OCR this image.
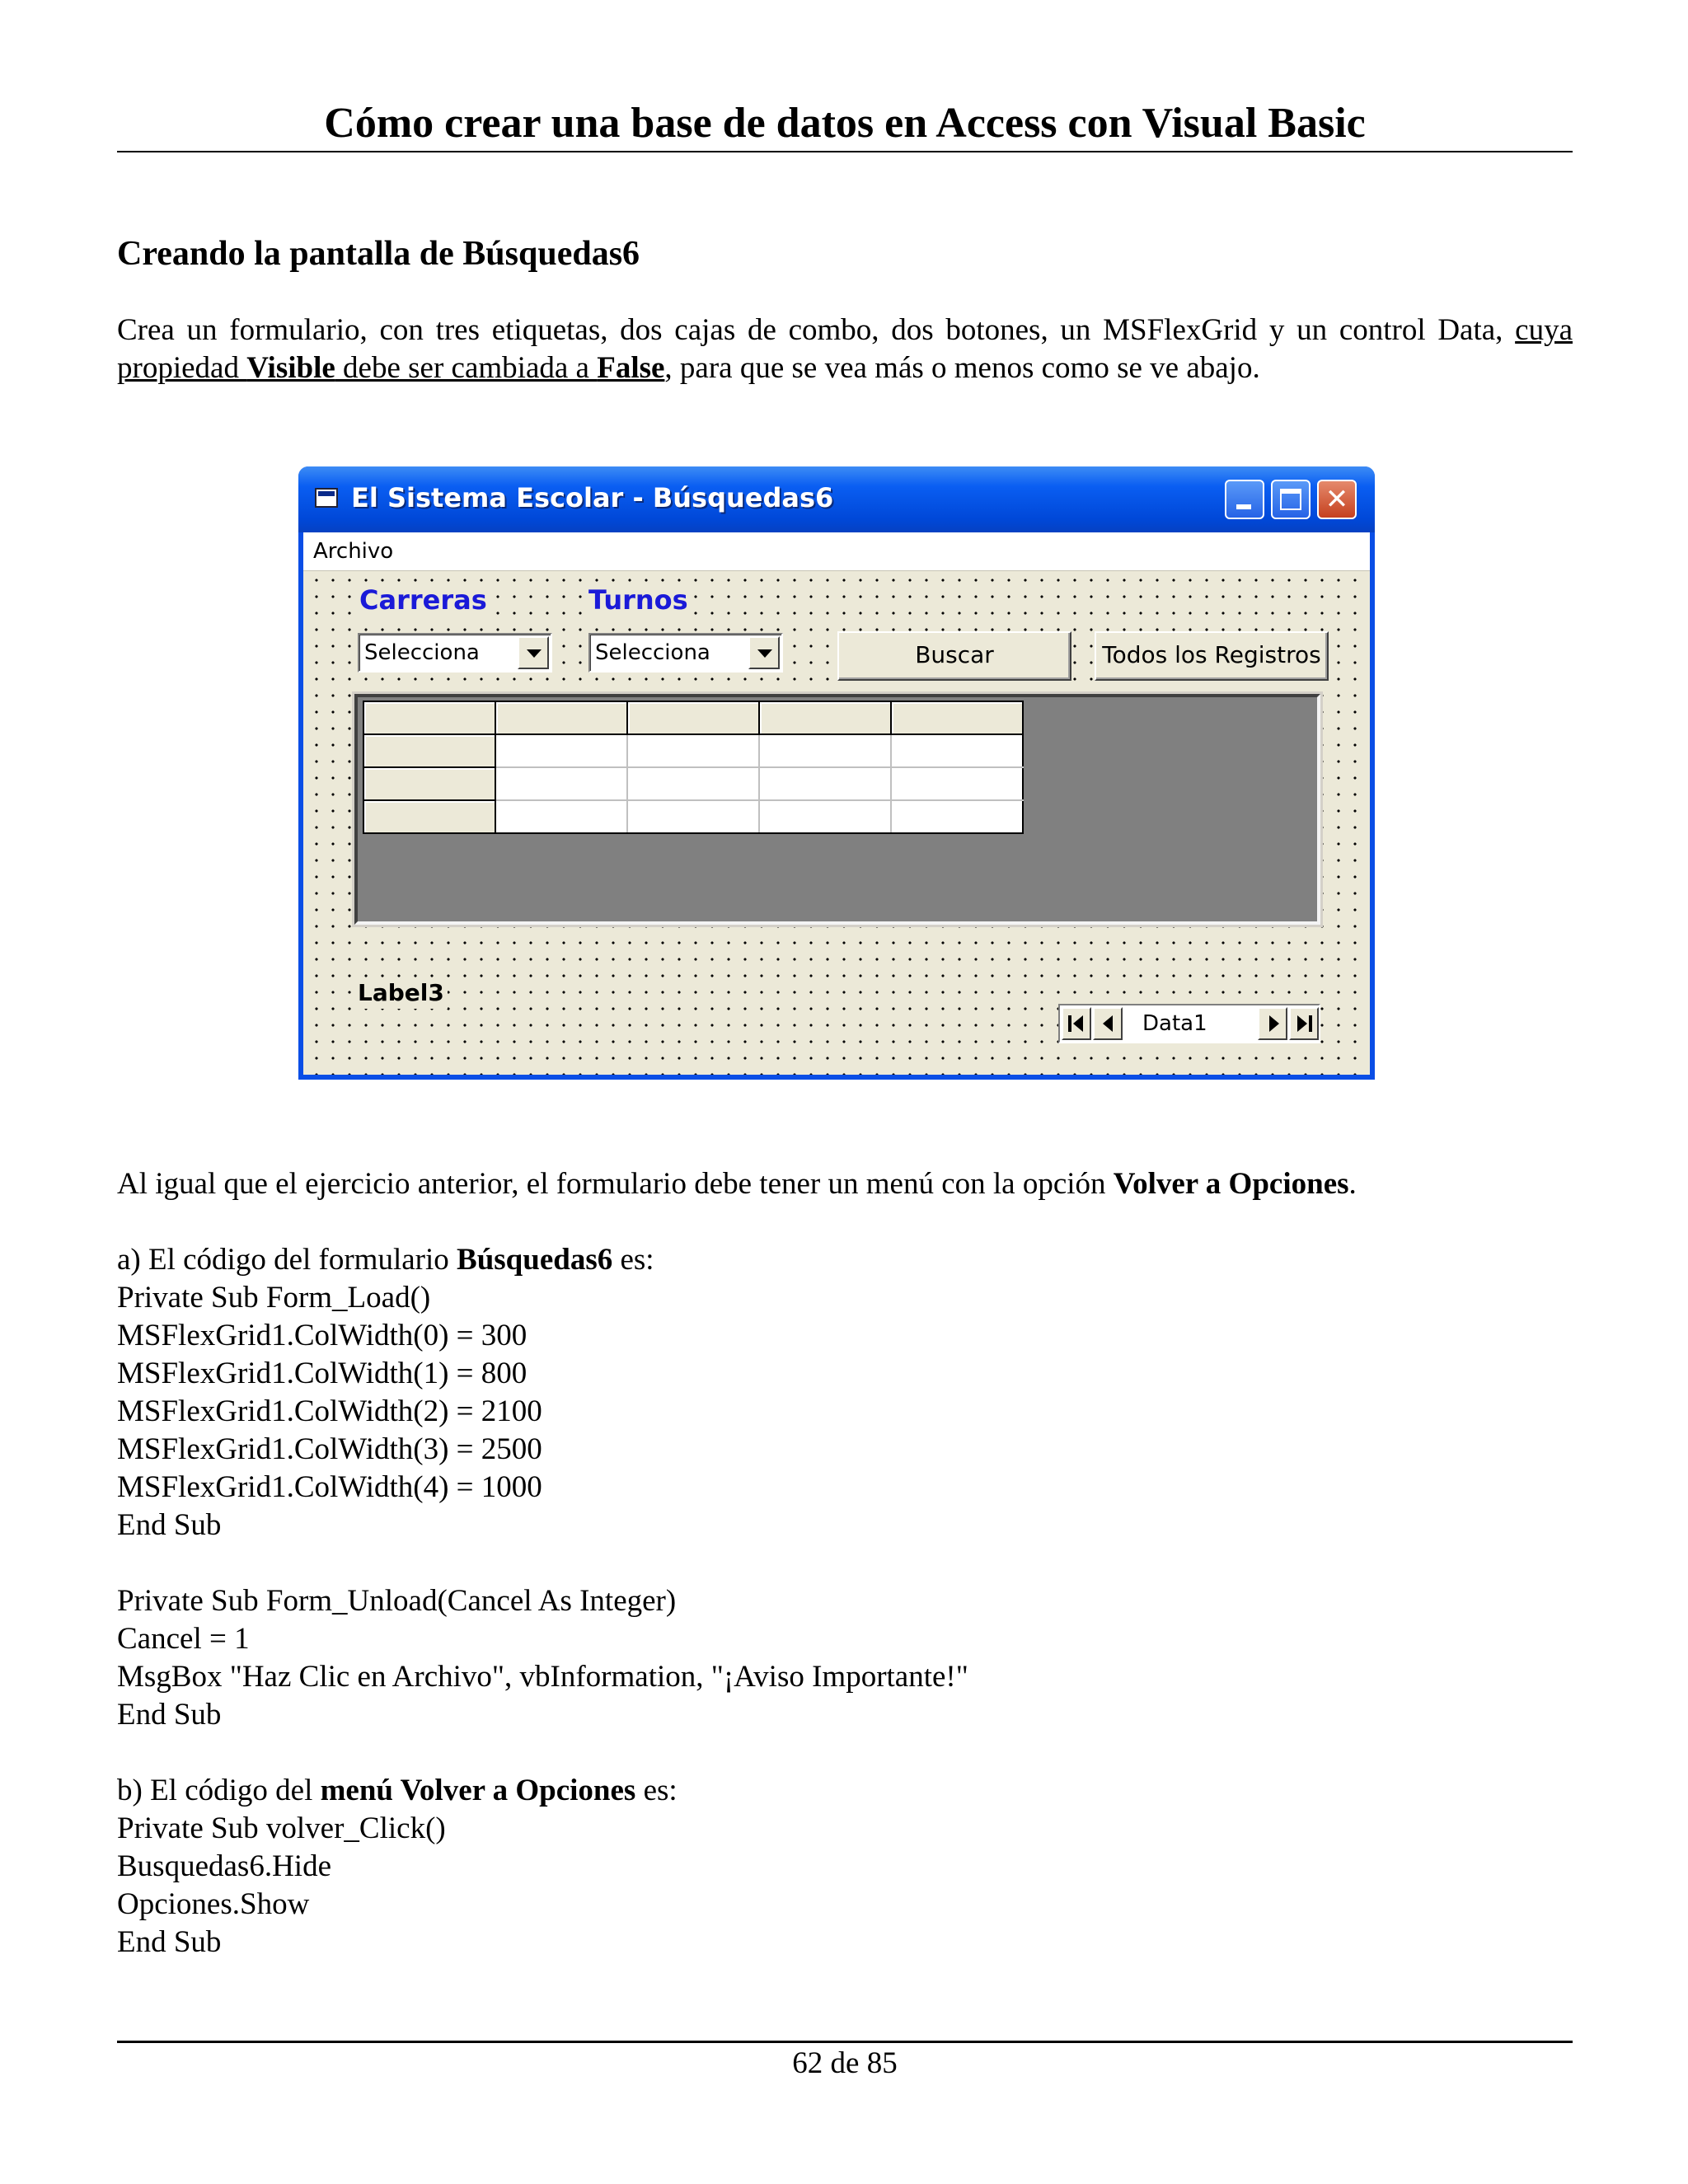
Cómo crear una base de datos en Access con Visual Basic
Creando la pantalla de Búsquedas6
Crea un formulario, con tres etiquetas, dos cajas de combo, dos botones, un MSFlexGrid y un control Data, cuya propiedad Visible debe ser cambiada a False, para que se vea más o menos como se ve abajo.
El Sistema Escolar - Búsquedas6	✕
Archivo
Carreras	Turnos
Selecciona	Selecciona	Buscar	Todos los Registros

Label3
Data1
Al igual que el ejercicio anterior, el formulario debe tener un menú con la opción Volver a Opciones.
a) El código del formulario Búsquedas6 es:
Private Sub Form_Load()
MSFlexGrid1.ColWidth(0) = 300
MSFlexGrid1.ColWidth(1) = 800
MSFlexGrid1.ColWidth(2) = 2100
MSFlexGrid1.ColWidth(3) = 2500
MSFlexGrid1.ColWidth(4) = 1000
End Sub
Private Sub Form_Unload(Cancel As Integer)
Cancel = 1
MsgBox "Haz Clic en Archivo", vbInformation, "¡Aviso Importante!"
End Sub
b) El código del menú Volver a Opciones es:
Private Sub volver_Click()
Busquedas6.Hide
Opciones.Show
End Sub
62 de 85
